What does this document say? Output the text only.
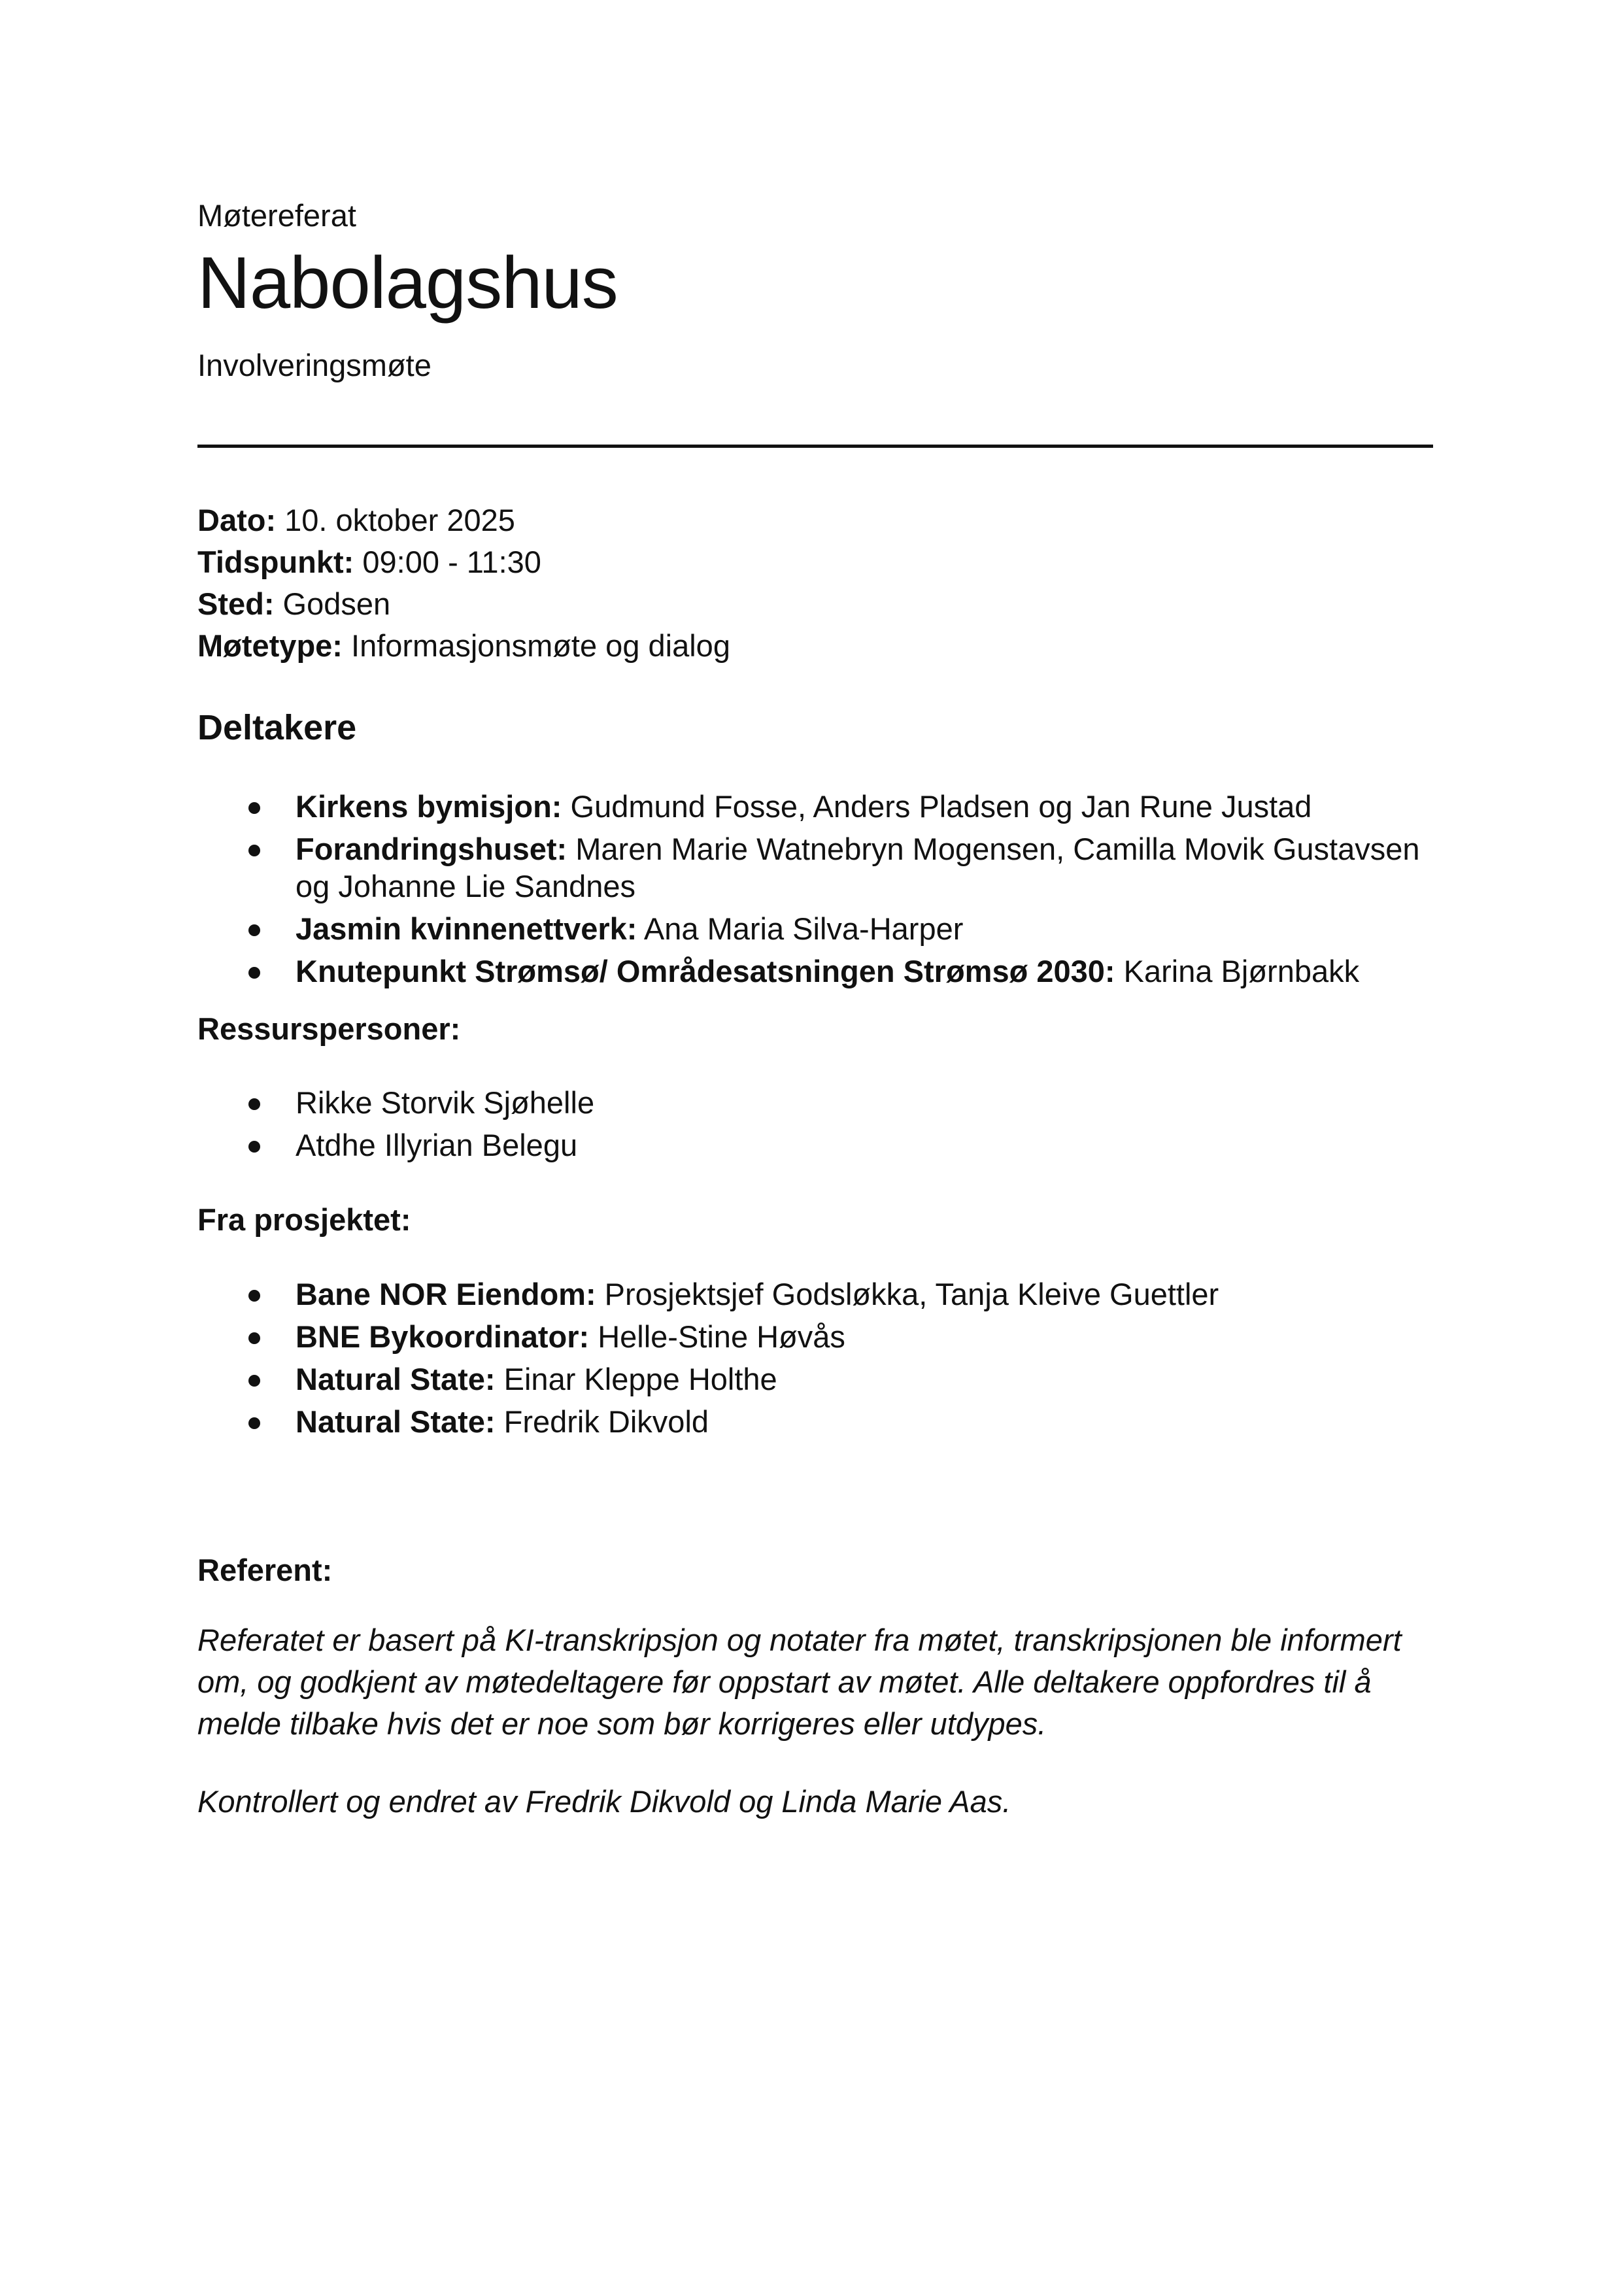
Møtereferat
Nabolagshus
Involveringsmøte
Dato: 10. oktober 2025
Tidspunkt: 09:00 - 11:30
Sted: Godsen
Møtetype: Informasjonsmøte og dialog
Deltakere
Kirkens bymisjon: Gudmund Fosse, Anders Pladsen og Jan Rune Justad
Forandringshuset: Maren Marie Watnebryn Mogensen, Camilla Movik Gustavsen og Johanne Lie Sandnes
Jasmin kvinnenettverk: Ana Maria Silva-Harper
Knutepunkt Strømsø/ Områdesatsningen Strømsø 2030: Karina Bjørnbakk
Ressurspersoner:
Rikke Storvik Sjøhelle
Atdhe Illyrian Belegu
Fra prosjektet:
Bane NOR Eiendom: Prosjektsjef Godsløkka, Tanja Kleive Guettler
BNE Bykoordinator: Helle-Stine Høvås
Natural State: Einar Kleppe Holthe
Natural State: Fredrik Dikvold
Referent:
Referatet er basert på KI-transkripsjon og notater fra møtet, transkripsjonen ble informert om, og godkjent av møtedeltagere før oppstart av møtet. Alle deltakere oppfordres til å melde tilbake hvis det er noe som bør korrigeres eller utdypes.
Kontrollert og endret av Fredrik Dikvold og Linda Marie Aas.
